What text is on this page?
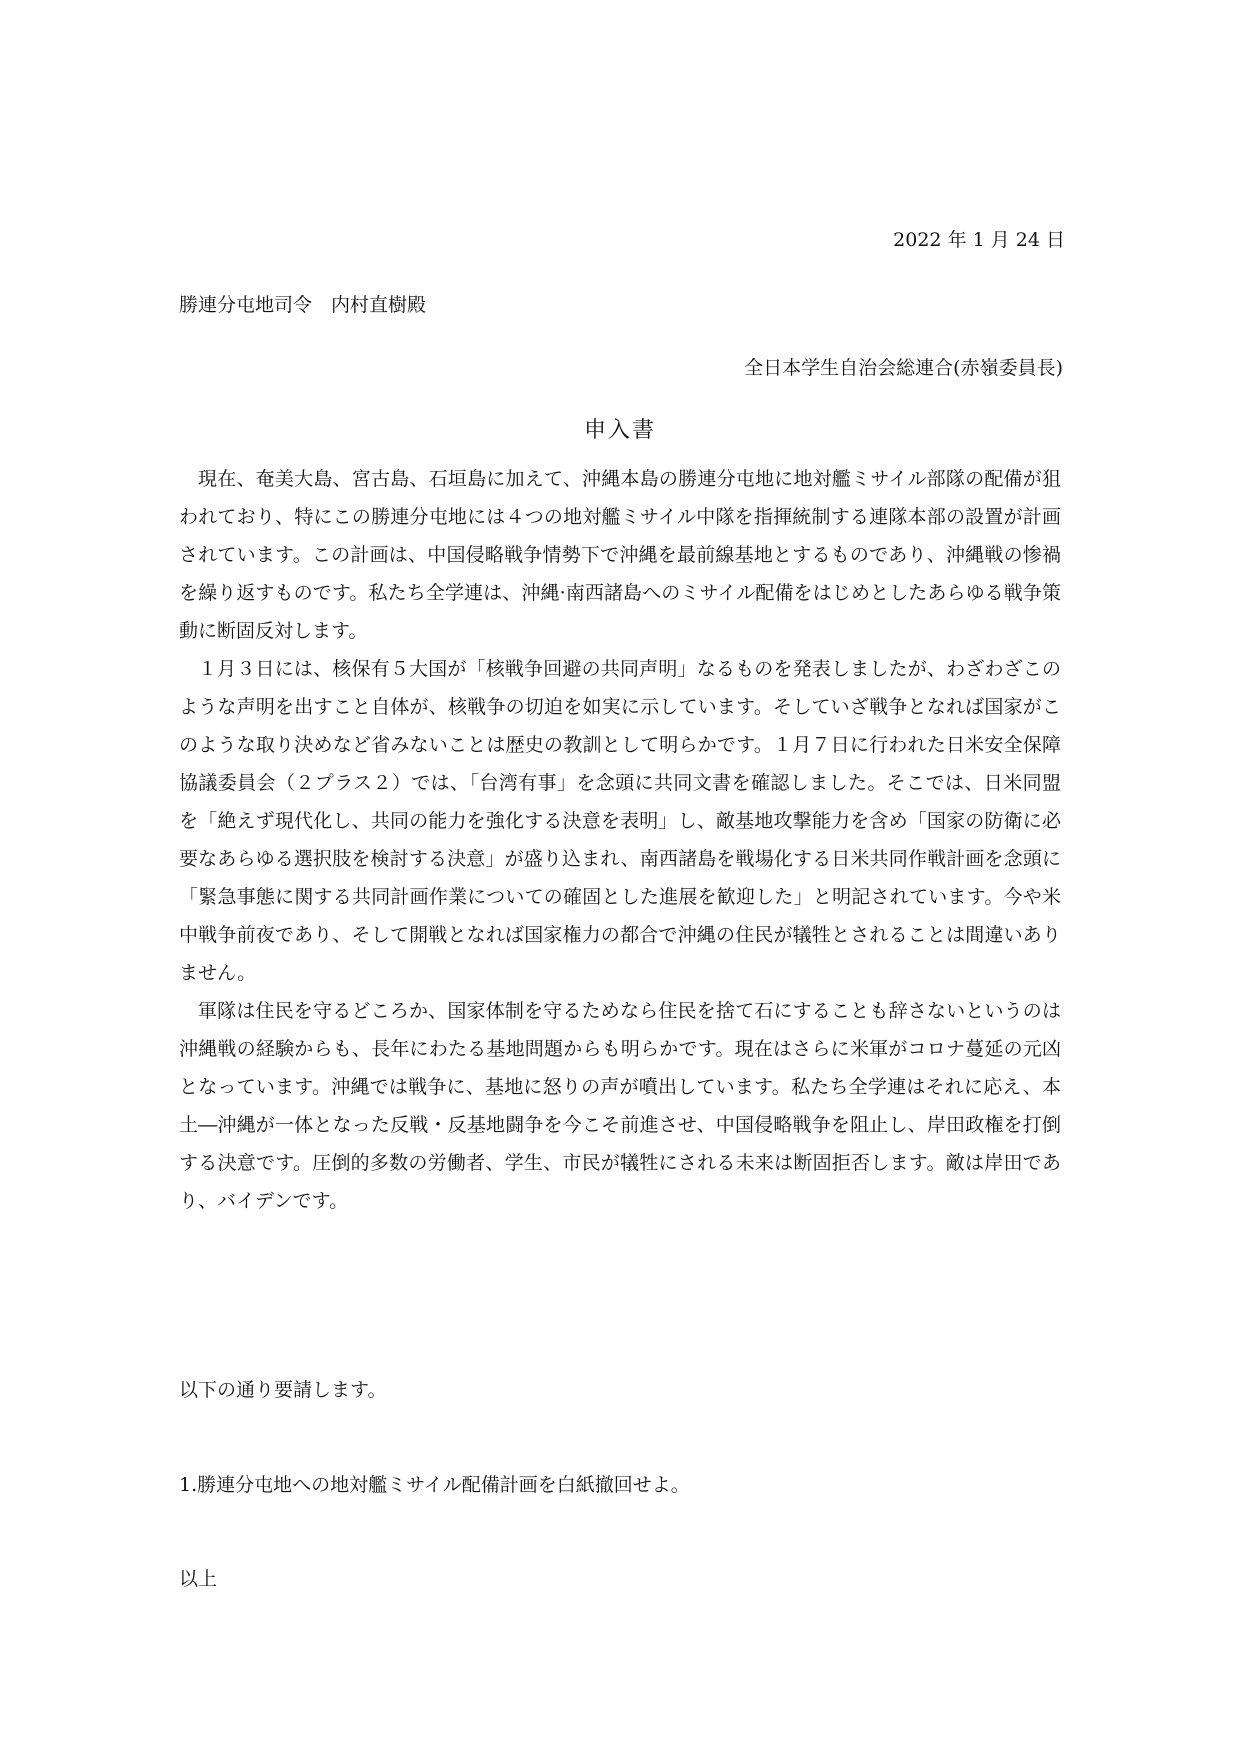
2022 年 1 月 24 日
勝連分屯地司令　内村直樹殿
全日本学生自治会総連合(赤嶺委員長)
申入書

現在、奄美大島、宮古島、石垣島に加えて、沖縄本島の勝連分屯地に地対艦ミサイル部隊の配備が狙われており、特にこの勝連分屯地には４つの地対艦ミサイル中隊を指揮統制する連隊本部の設置が計画されています。この計画は、中国侵略戦争情勢下で沖縄を最前線基地とするものであり、沖縄戦の惨禍を繰り返すものです。私たち全学連は、沖縄·南西諸島へのミサイル配備をはじめとしたあらゆる戦争策動に断固反対します。

１月３日には、核保有５大国が「核戦争回避の共同声明」なるものを発表しましたが、わざわざこのような声明を出すこと自体が、核戦争の切迫を如実に示しています。そしていざ戦争となれば国家がこのような取り決めなど省みないことは歴史の教訓として明らかです。１月７日に行われた日米安全保障協議委員会（２プラス２）では、「台湾有事」を念頭に共同文書を確認しました。そこでは、日米同盟を「絶えず現代化し、共同の能力を強化する決意を表明」し、敵基地攻撃能力を含め「国家の防衛に必要なあらゆる選択肢を検討する決意」が盛り込まれ、南西諸島を戦場化する日米共同作戦計画を念頭に「緊急事態に関する共同計画作業についての確固とした進展を歓迎した」と明記されています。今や米中戦争前夜であり、そして開戦となれば国家権力の都合で沖縄の住民が犠牲とされることは間違いありません。

軍隊は住民を守るどころか、国家体制を守るためなら住民を捨て石にすることも辞さないというのは沖縄戦の経験からも、長年にわたる基地問題からも明らかです。現在はさらに米軍がコロナ蔓延の元凶となっています。沖縄では戦争に、基地に怒りの声が噴出しています。私たち全学連はそれに応え、本土―沖縄が一体となった反戦・反基地闘争を今こそ前進させ、中国侵略戦争を阻止し、岸田政権を打倒する決意です。圧倒的多数の労働者、学生、市民が犠牲にされる未来は断固拒否します。敵は岸田であり、バイデンです。

以下の通り要請します。
1.勝連分屯地への地対艦ミサイル配備計画を白紙撤回せよ。
以上
